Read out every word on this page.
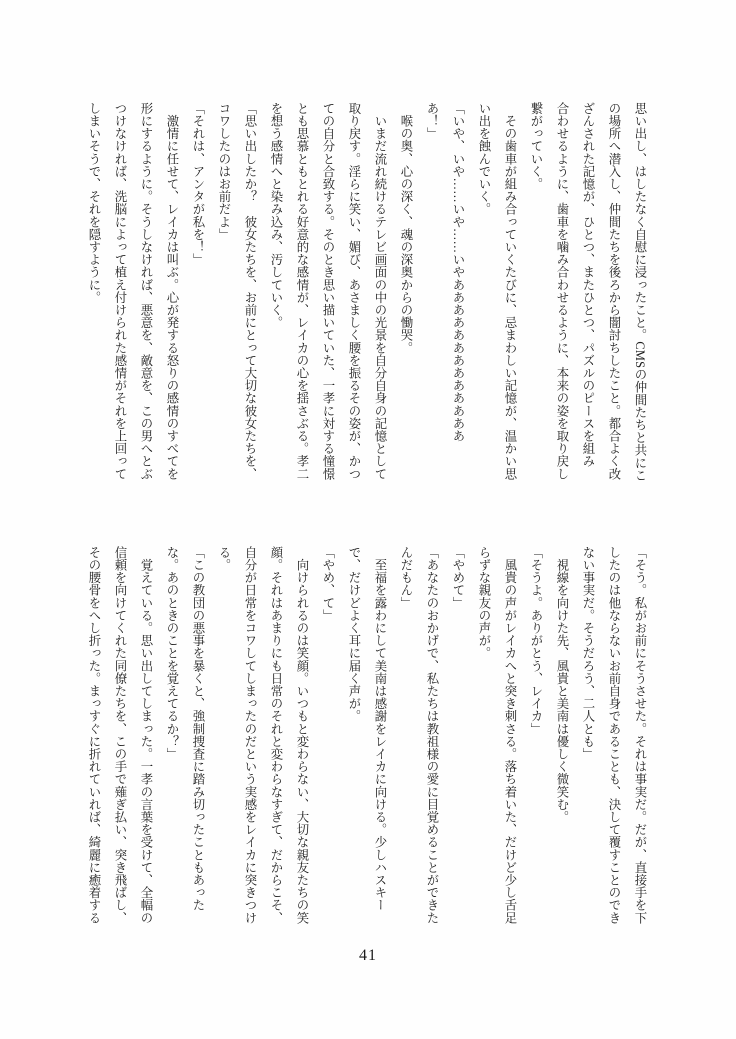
思い出し、はしたなく自慰に浸ったこと。CMSの仲間たちと共にこ
の場所へ潜入し、仲間たちを後ろから闇討ちしたこと。都合よく改
ざんされた記憶が、ひとつ、またひとつ、パズルのピースを組み
合わせるように、歯車を噛み合わせるように、本来の姿を取り戻し
繋がっていく。
　その歯車が組み合っていくたびに、忌まわしい記憶が、温かい思
い出を蝕んでいく。
「いや、いや……いや……いやあああああああああああああ
あ！」
　喉の奥、心の深く、魂の深奥からの慟哭。
　いまだ流れ続けるテレビ画面の中の光景を自分自身の記憶として
取り戻す。淫らに笑い、媚び、あさましく腰を振るその姿が、かつ
ての自分と合致する。そのとき思い描いていた、一孝に対する憧憬
とも思慕ともとれる好意的な感情が、レイカの心を揺さぶる。孝二
を想う感情へと染み込み、汚していく。
「思い出したか？　彼女たちを、お前にとって大切な彼女たちを、
コワしたのはお前だよ」
「それは、アンタが私を！」
　激情に任せて、レイカは叫ぶ。心が発する怒りの感情のすべてを
形にするように。そうしなければ、悪意を、敵意を、この男へとぶ
つけなければ、洗脳によって植え付けられた感情がそれを上回って
しまいそうで、それを隠すように。
「そう。私がお前にそうさせた。それは事実だ。だが、直接手を下
したのは他ならないお前自身であることも、決して覆すことのでき
ない事実だ。そうだろう、二人とも」
　視線を向けた先、風貴と美南は優しく微笑む。
「そうよ。ありがとう、レイカ」
　風貴の声がレイカへと突き刺さる。落ち着いた、だけど少し舌足
らずな親友の声が。
「やめて」
「あなたのおかげで、私たちは教祖様の愛に目覚めることができた
んだもん」
　至福を露わにして美南は感謝をレイカに向ける。少しハスキー
で、だけどよく耳に届く声が。
「やめ、て」
　向けられるのは笑顔。いつもと変わらない、大切な親友たちの笑
顔。それはあまりにも日常のそれと変わらなすぎて、だからこそ、
自分が日常をコワしてしまったのだという実感をレイカに突きつけ
る。
「この教団の悪事を暴くと、強制捜査に踏み切ったこともあった
な。あのときのことを覚えてるか？」
　覚えている。思い出してしまった。一孝の言葉を受けて、全幅の
信頼を向けてくれた同僚たちを、この手で薙ぎ払い、突き飛ばし、
その腰骨をへし折った。まっすぐに折れていれば、綺麗に癒着する
41
